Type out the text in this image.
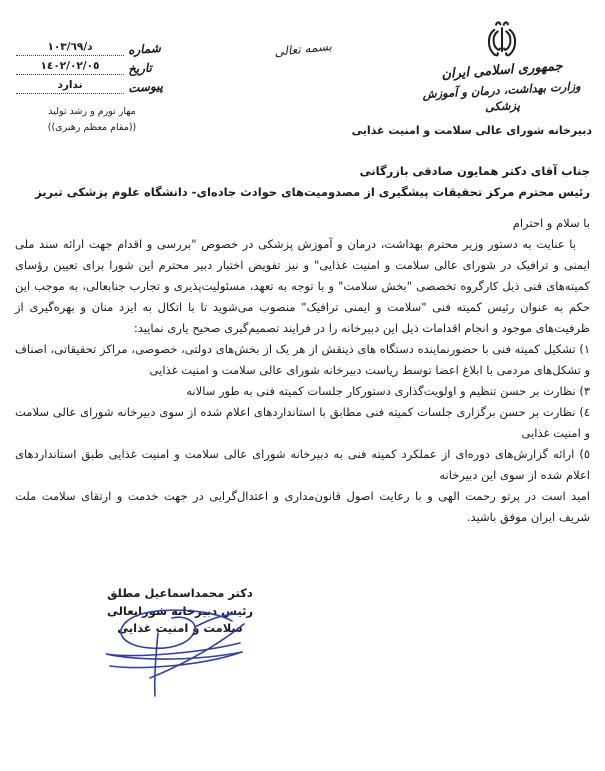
جمهوری اسلامی ایران
وزارت بهداشت، درمان و آموزش پزشکی
دبیرخانه شورای عالی سلامت و امنیت غذایی
بسمه تعالی
شماره
د/١٠٣/٦٩
تاریخ
١٤٠٢/٠٢/٠٥
پیوست
ندارد
مهار تورم و رشد تولید
((مقام معظم رهبری))
جناب آقای دکتر همایون صادقی بازرگانی
رئیس محترم مرکز تحقیقات پیشگیری از مصدومیت‌های حوادث جاده‌ای- دانشگاه علوم پزشکی تبریز
با سلام و احترام
با عنایت به دستور وزیر محترم بهداشت، درمان و آموزش پزشکی در خصوص "بررسی و اقدام جهت ارائه سند ملی ایمنی و ترافیک در شورای عالی سلامت و امنیت غذایی" و نیز تفویض اختیار دبیر محترم این شورا برای تعیین رؤسای کمیته‌های فنی ذیل کارگروه تخصصی "بخش سلامت" و با توجه به تعهد، مسئولیت‌پذیری و تجارب جنابعالی، به موجب این حکم به عنوان رئیس کمیته فنی "سلامت و ایمنی ترافیک" منصوب می‌شوید تا با اتکال به ایزد منان و بهره‌گیری از ظرفیت‌های موجود و انجام اقدامات ذیل این دبیرخانه را در فرایند تصمیم‌گیری صحیح یاری نمایید:
١) تشکیل کمیته فنی با حضورنماینده دستگاه های ذینقش از هر یک از بخش‌های دولتی، خصوصی، مراکز تحقیقاتی، اصناف و تشکل‌های مردمی با ابلاغ اعضا توسط ریاست دبیرخانه شورای عالی سلامت و امنیت غذایی
٣) نظارت بر حسن تنظیم و اولویت‌گذاری دستورکار جلسات کمیته فنی به طور سالانه
٤) نظارت بر حسن برگزاری جلسات کمیته فنی مطابق با استانداردهای اعلام شده از سوی دبیرخانه شورای عالی سلامت و امنیت غذایی
٥) ارائه گزارش‌های دوره‌ای از عملکرد کمیته فنی به دبیرخانه شورای عالی سلامت و امنیت غذایی طبق استانداردهای اعلام شده از سوی این دبیرخانه
امید است در پرتو رحمت الهی و با رعایت اصول قانون‌مداری و اعتدال‌گرایی در جهت خدمت و ارتقای سلامت ملت شریف ایران موفق باشید.
دکتر محمداسماعیل مطلق
رئیس دبیرخانه شورایعالی
سلامت و امنیت غذایی
